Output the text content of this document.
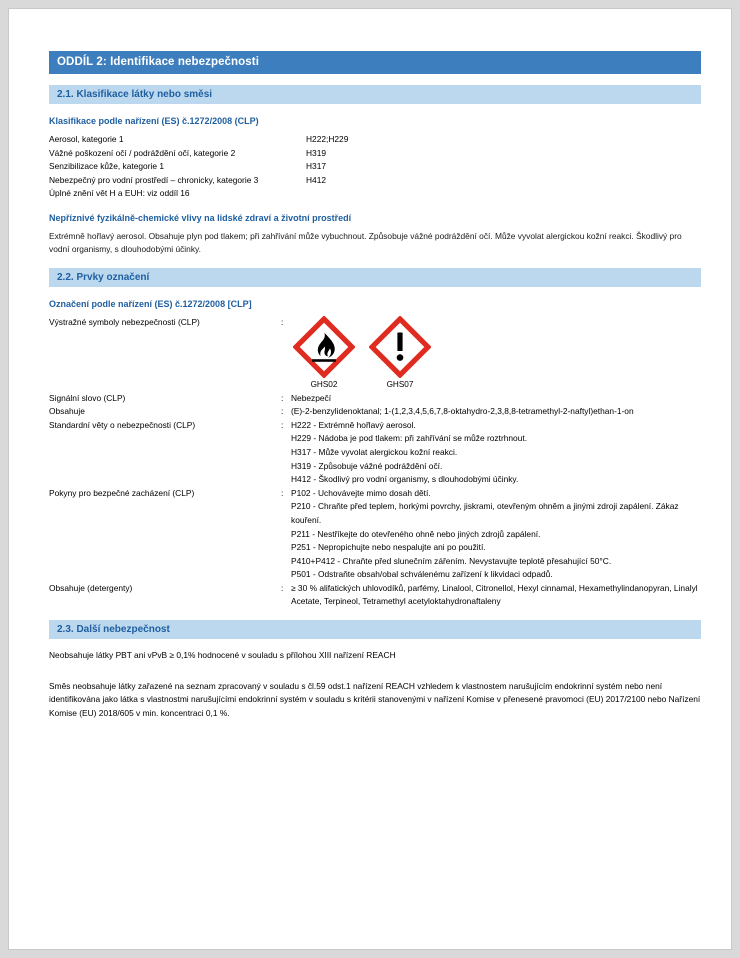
ODDÍL 2: Identifikace nebezpečnosti
2.1. Klasifikace látky nebo směsi
Klasifikace podle nařízení (ES) č.1272/2008 (CLP)
Aerosol, kategorie 1	H222;H229
Vážné poškození očí / podráždění očí, kategorie 2	H319
Senzibilizace kůže, kategorie 1	H317
Nebezpečný pro vodní prostředí – chronicky, kategorie 3	H412
Úplné znění vět H a EUH: viz oddíl 16
Nepříznivé fyzikálně-chemické vlivy na lidské zdraví a životní prostředí
Extrémně hořlavý aerosol. Obsahuje plyn pod tlakem; při zahřívání může vybuchnout. Způsobuje vážné podráždění očí. Může vyvolat alergickou kožní reakci. Škodlivý pro vodní organismy, s dlouhodobými účinky.
2.2. Prvky označení
Označení podle nařízení (ES) č.1272/2008 [CLP]
Výstražné symboly nebezpečnosti (CLP)	:
GHS02	GHS07
Signální slovo (CLP)	: Nebezpečí
Obsahuje	: (E)-2-benzylidenoktanal; 1-(1,2,3,4,5,6,7,8-oktahydro-2,3,8,8-tetramethyl-2-naftyl)ethan-1-on
Standardní věty o nebezpečnosti (CLP)	: H222 - Extrémně hořlavý aerosol.
H229 - Nádoba je pod tlakem: při zahřívání se může roztrhnout.
H317 - Může vyvolat alergickou kožní reakci.
H319 - Způsobuje vážné podráždění očí.
H412 - Škodlivý pro vodní organismy, s dlouhodobými účinky.
Pokyny pro bezpečné zacházení (CLP)	: P102 - Uchovávejte mimo dosah dětí.
P210 - Chraňte před teplem, horkými povrchy, jiskrami, otevřeným ohněm a jinými zdroji zapálení. Zákaz kouření.
P211 - Nestříkejte do otevřeného ohně nebo jiných zdrojů zapálení.
P251 - Nepropichujte nebo nespalujte ani po použití.
P410+P412 - Chraňte před slunečním zářením. Nevystavujte teplotě přesahující 50°C.
P501 - Odstraňte obsah/obal schválenému zařízení k likvidaci odpadů.
Obsahuje (detergenty)	: ≥ 30 % alifatických uhlovodíků, parfémy, Linalool, Citronellol, Hexyl cinnamal, Hexamethylindanopyran, Linalyl Acetate, Terpineol, Tetramethyl acetyloktahydronaftaleny
2.3. Další nebezpečnost
Neobsahuje látky PBT ani vPvB ≥ 0,1% hodnocené v souladu s přílohou XIII nařízení REACH
Směs neobsahuje látky zařazené na seznam zpracovaný v souladu s čl.59 odst.1 nařízení REACH vzhledem k vlastnostem narušujícím endokrinní systém nebo není identifikována jako látka s vlastnostmi narušujícími endokrinní systém v souladu s kritérii stanovenými v nařízení Komise v přenesené pravomoci (EU) 2017/2100 nebo Nařízení Komise (EU) 2018/605 v min. koncentraci 0,1 %.
